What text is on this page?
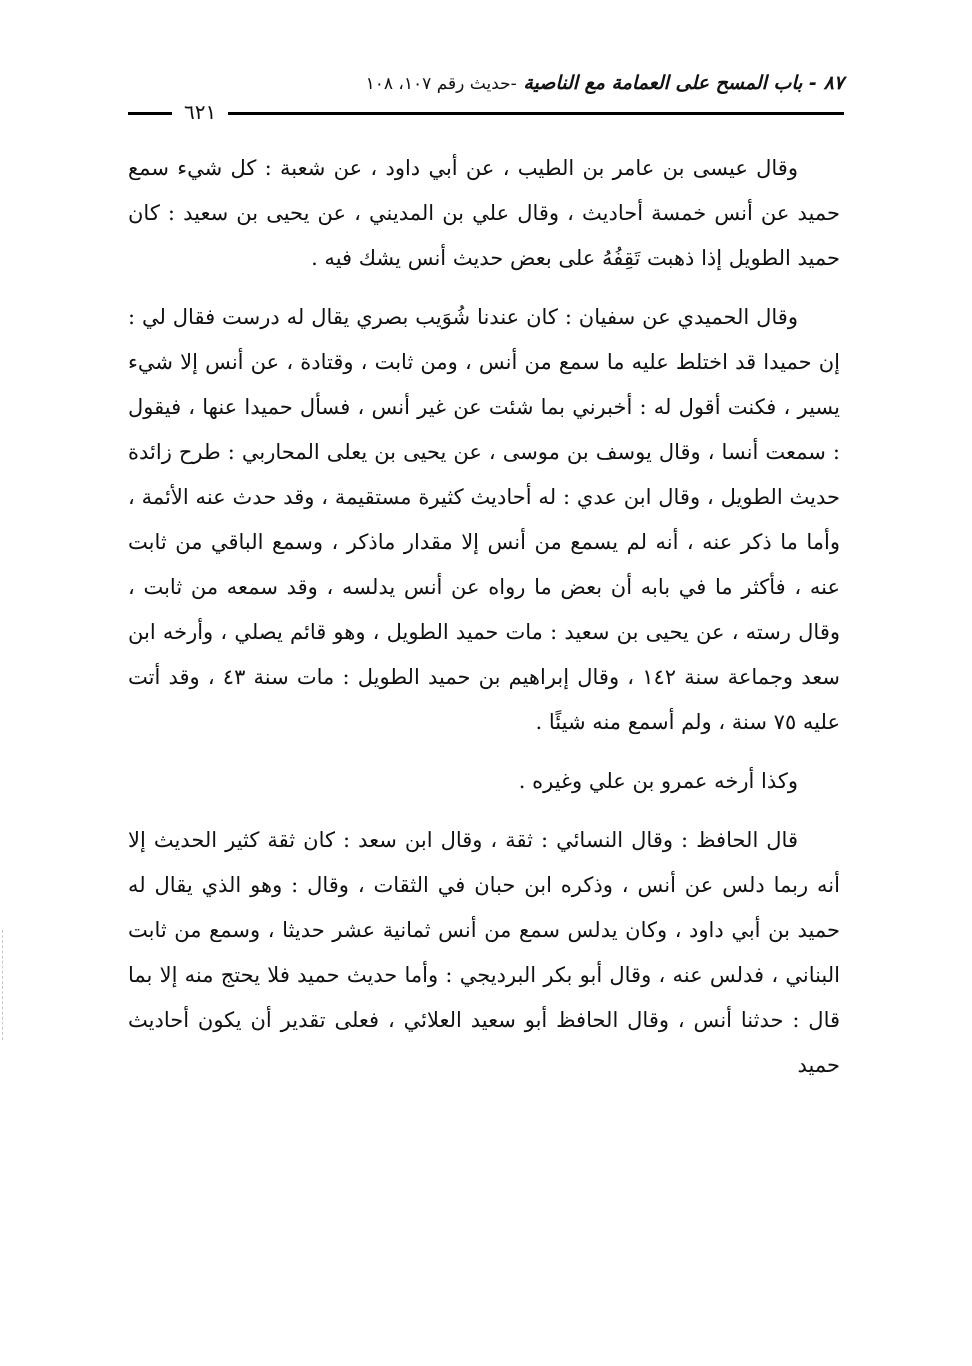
٨٧ - باب المسح على العمامة مع الناصية -حديث رقم ١٠٧، ١٠٨
٦٢١

وقال عيسى بن عامر بن الطيب ، عن أبي داود ، عن شعبة : كل شيء سمع حميد عن أنس خمسة أحاديث ، وقال علي بن المديني ، عن يحيى بن سعيد : كان حميد الطويل إذا ذهبت تَقِفُهُ على بعض حديث أنس يشك فيه .

وقال الحميدي عن سفيان : كان عندنا شُوَيب بصري يقال له درست فقال لي : إن حميدا قد اختلط عليه ما سمع من أنس ، ومن ثابت ، وقتادة ، عن أنس إلا شيء يسير ، فكنت أقول له : أخبرني بما شئت عن غير أنس ، فسأل حميدا عنها ، فيقول : سمعت أنسا ، وقال يوسف بن موسى ، عن يحيى بن يعلى المحاربي : طرح زائدة حديث الطويل ، وقال ابن عدي : له أحاديث كثيرة مستقيمة ، وقد حدث عنه الأئمة ، وأما ما ذكر عنه ، أنه لم يسمع من أنس إلا مقدار ماذكر ، وسمع الباقي من ثابت عنه ، فأكثر ما في بابه أن بعض ما رواه عن أنس يدلسه ، وقد سمعه من ثابت ، وقال رسته ، عن يحيى بن سعيد : مات حميد الطويل ، وهو قائم يصلي ، وأرخه ابن سعد وجماعة سنة ١٤٢ ، وقال إبراهيم بن حميد الطويل : مات سنة ٤٣ ، وقد أتت عليه ٧٥ سنة ، ولم أسمع منه شيئًا .

وكذا أرخه عمرو بن علي وغيره .

قال الحافظ : وقال النسائي : ثقة ، وقال ابن سعد : كان ثقة كثير الحديث إلا أنه ربما دلس عن أنس ، وذكره ابن حبان في الثقات ، وقال : وهو الذي يقال له حميد بن أبي داود ، وكان يدلس سمع من أنس ثمانية عشر حديثا ، وسمع من ثابت البناني ، فدلس عنه ، وقال أبو بكر البرديجي : وأما حديث حميد فلا يحتج منه إلا بما قال : حدثنا أنس ، وقال الحافظ أبو سعيد العلائي ، فعلى تقدير أن يكون أحاديث حميد
